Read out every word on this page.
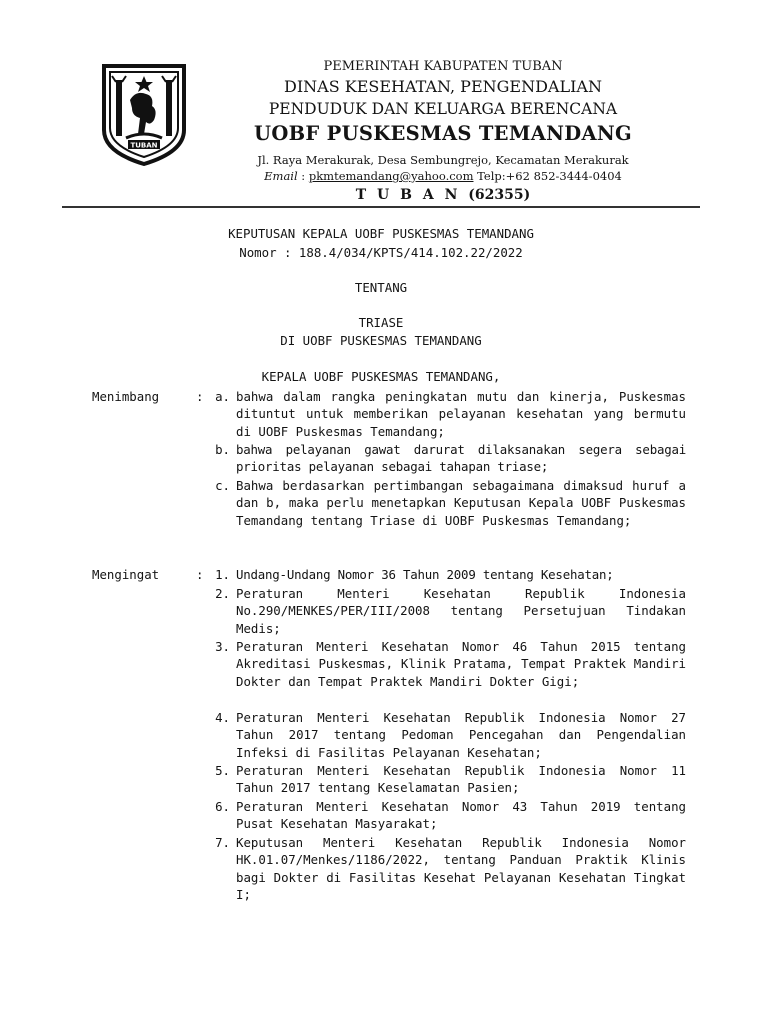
TUBAN
PEMERINTAH KABUPATEN TUBAN
DINAS KESEHATAN, PENGENDALIAN
PENDUDUK DAN KELUARGA BERENCANA
UOBF PUSKESMAS TEMANDANG
Jl. Raya Merakurak, Desa Sembungrejo, Kecamatan Merakurak
Email : pkmtemandang@yahoo.com Telp:+62 852-3444-0404
T U B A N (62355)
KEPUTUSAN KEPALA UOBF PUSKESMAS TEMANDANG
Nomor : 188.4/034/KPTS/414.102.22/2022
TENTANG
TRIASE
DI UOBF PUSKESMAS TEMANDANG
KEPALA UOBF PUSKESMAS TEMANDANG,
Menimbang	: a. bahwa dalam rangka peningkatan mutu dan kinerja, Puskesmas dituntut untuk memberikan pelayanan kesehatan yang bermutu di UOBF Puskesmas Temandang;
b. bahwa pelayanan gawat darurat dilaksanakan segera sebagai prioritas pelayanan sebagai tahapan triase;
c. Bahwa berdasarkan pertimbangan sebagaimana dimaksud huruf a dan b, maka perlu menetapkan Keputusan Kepala UOBF Puskesmas Temandang tentang Triase di UOBF Puskesmas Temandang;
Mengingat	: 1. Undang-Undang Nomor 36 Tahun 2009 tentang Kesehatan;
2. Peraturan Menteri Kesehatan Republik Indonesia No.290/MENKES/PER/III/2008 tentang Persetujuan Tindakan Medis;
3. Peraturan Menteri Kesehatan Nomor 46 Tahun 2015 tentang Akreditasi Puskesmas, Klinik Pratama, Tempat Praktek Mandiri Dokter dan Tempat Praktek Mandiri Dokter Gigi;
4. Peraturan Menteri Kesehatan Republik Indonesia Nomor 27 Tahun 2017 tentang Pedoman Pencegahan dan Pengendalian Infeksi di Fasilitas Pelayanan Kesehatan;
5. Peraturan Menteri Kesehatan Republik Indonesia Nomor 11 Tahun 2017 tentang Keselamatan Pasien;
6. Peraturan Menteri Kesehatan Nomor 43 Tahun 2019 tentang Pusat Kesehatan Masyarakat;
7. Keputusan Menteri Kesehatan Republik Indonesia Nomor HK.01.07/Menkes/1186/2022, tentang Panduan Praktik Klinis bagi Dokter di Fasilitas Kesehat Pelayanan Kesehatan Tingkat I;
